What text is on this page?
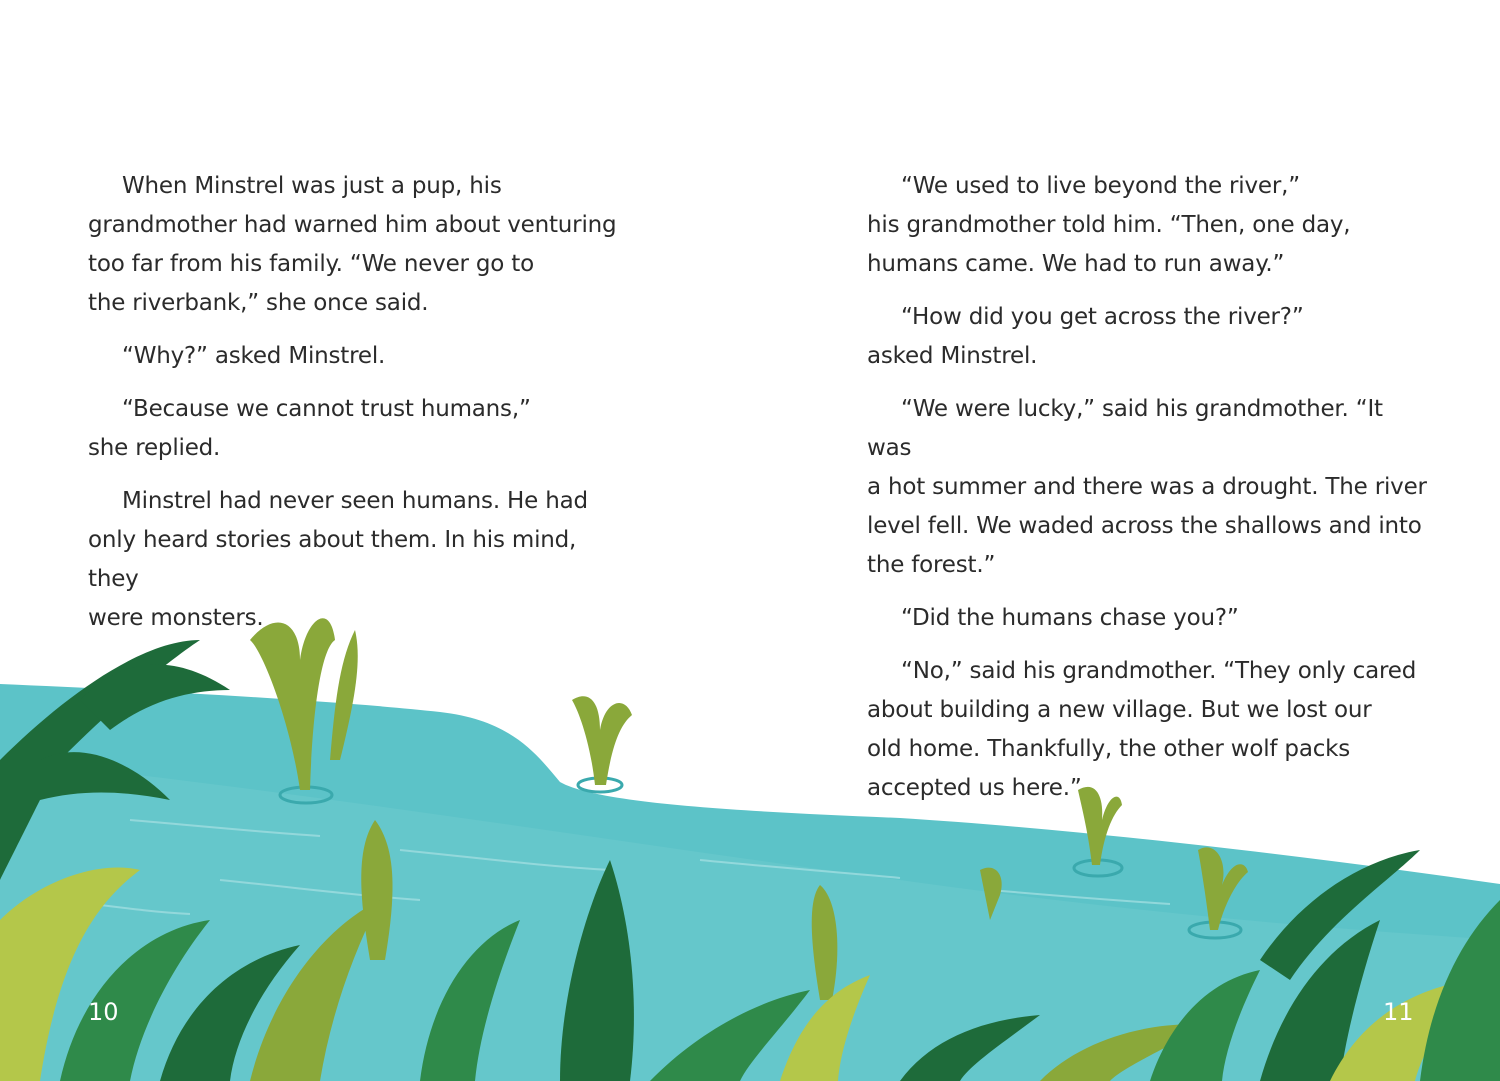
When Minstrel was just a pup, his
grandmother had warned him about venturing
too far from his family. “We never go to
the riverbank,” she once said.

“Why?” asked Minstrel.

“Because we cannot trust humans,”
she replied.

Minstrel had never seen humans. He had
only heard stories about them. In his mind, they
were monsters.

“We used to live beyond the river,”
his grandmother told him. “Then, one day,
humans came. We had to run away.”

“How did you get across the river?”
asked Minstrel.

“We were lucky,” said his grandmother. “It was
a hot summer and there was a drought. The river
level fell. We waded across the shallows and into
the forest.”

“Did the humans chase you?”

“No,” said his grandmother. “They only cared
about building a new village. But we lost our
old home. Thankfully, the other wolf packs
accepted us here.”

10	11
